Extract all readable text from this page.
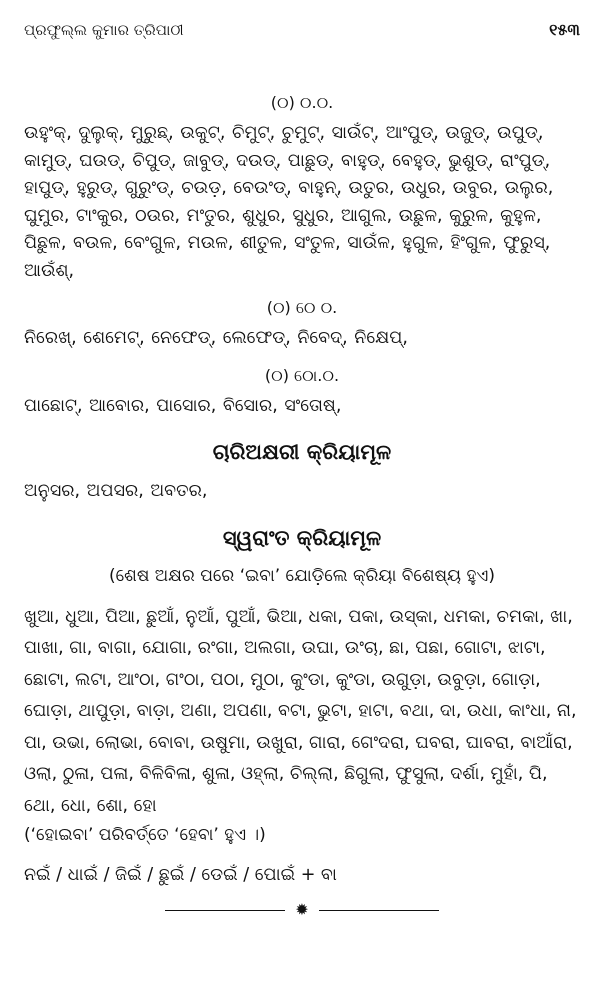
ପ୍ରଫୁଲ୍ଲ କୁମାର ତ୍ରିପାଠୀ	୧୫୩
(୦) ୦.୦.

ଉହୁଂକ୍, ଦୁଲୁକ୍, ମୁରୁଛ୍, ଉକୁଟ୍, ଚିମୁଟ୍, ଚୁମୁଟ୍, ସାଉଁଟ୍, ଆଂପୁଡ୍, ଉଜୁଡ୍, ଉପୁଡ୍, କାମୁଡ୍, ଘଉଡ୍, ଚିପୁଡ୍, ଜାବୁଡ୍, ଦଉଡ୍, ପାଛୁଡ୍, ବାହୁଡ୍, ବେହୁଡ୍, ଭୁଶୁଡ୍, ରାଂପୁଡ୍, ହାପୁଡ୍, ହୁରୁଡ୍, ଗୁରୁଂଡ୍, ଚଉଡ଼, ବେଉଂଡ୍, ବାହୁନ୍, ଉତୁର, ଉଧୁର, ଉବୁର, ଉଲୁର, ଘୁମୁର, ଟାଂକୁର, ଠଉର, ମଂତୁର, ଶୁଧୁର, ସୁଧୁର, ଆଗୁଲ, ଉଛୁଳ, କୁରୁଳ, କୁହୁଳ, ପିଛୁଳ, ବଉଳ, ବେଂଗୁଳ, ମଉଳ, ଶୀତୁଳ, ସଂତୁଳ, ସାଉଁଳ, ହୁଗୁଳ, ହିଂଗୁଳ, ଫୁରୁସ୍, ଆଉଁଶ୍,

(୦) ୦େ ୦.

ନିରେଖ୍, ଶେମେଟ୍, ନେଫେଡ୍, ଲେଫେଡ୍, ନିବେଦ୍, ନିକ୍ଷେପ୍,

(୦) ୦ୋ.୦.

ପାଛୋଟ୍, ଆବୋର, ପାସୋର, ବିସୋର, ସଂତୋଷ୍,

ଚାରିଅକ୍ଷରୀ କ୍ରିୟାମୂଳ

ଅନୁସର, ଅପସର, ଅବତର,

ସ୍ୱରାଂତ କ୍ରିୟାମୂଳ
(ଶେଷ ଅକ୍ଷର ପରେ ‘ଇବା’ ଯୋଡ଼ିଲେ କ୍ରିୟା ବିଶେଷ୍ୟ ହୁଏ)

ଖୁଆ, ଧୁଆ, ପିଆ, ଛୁଆଁ, ନୁଆଁ, ପୁଆଁ, ଭିଆ, ଧକା, ପକା, ଉସ୍କା, ଧମକା, ଚମକା, ଖା, ପାଖା, ଗା, ବାଗା, ଯୋଗା, ରଂଗା, ଅଲଗା, ଉଘା, ଉଂଚା, ଛା, ପଛା, ଗୋଟା, ଝାଟା, ଛୋଟା, ଲଟା, ଆଂଠା, ଗଂଠା, ପଠା, ମୁଠା, କୁଂଡା, କୁଂଡା, ଉଗୁଡ଼ା, ଉବୁଡ଼ା, ଗୋଡ଼ା, ଘୋଡ଼ା, ଥାପୁଡ଼ା, ବାଡ଼ା, ଅଣା, ଅପଣା, ବଟା, ଭୁଟା, ହାଟା, ବଥା, ଦା, ଉଧା, କାଂଧା, ନା, ପା, ଉଭା, ଲୋଭା, ବୋବା, ଉଷୁମା, ଉଖୁରା, ଗାରା, ଗେଂଦରା, ଘବରା, ଘାବରା, ବାଆଁରା, ଓଲା, ଠୁଳା, ପଳା, ବିଳିବିଳା, ଶୁଳା, ଓହ୍ଲା, ଚିଲ୍ଲା, ଛିଗୁଲା, ଫୁସୁଲା, ଦର୍ଶା, ମୁହାଁ, ପି, ଥୋ, ଧୋ, ଶୋ, ହୋ

(‘ହୋଇବା’ ପରିବର୍ତ୍ତେ ‘ହେବା’ ହୁଏ ।)

ନଇଁ / ଧାଇଁ / ଜିଇଁ / ଛୁଇଁ / ଡେଇଁ / ପୋଇଁ + ବା

✹
